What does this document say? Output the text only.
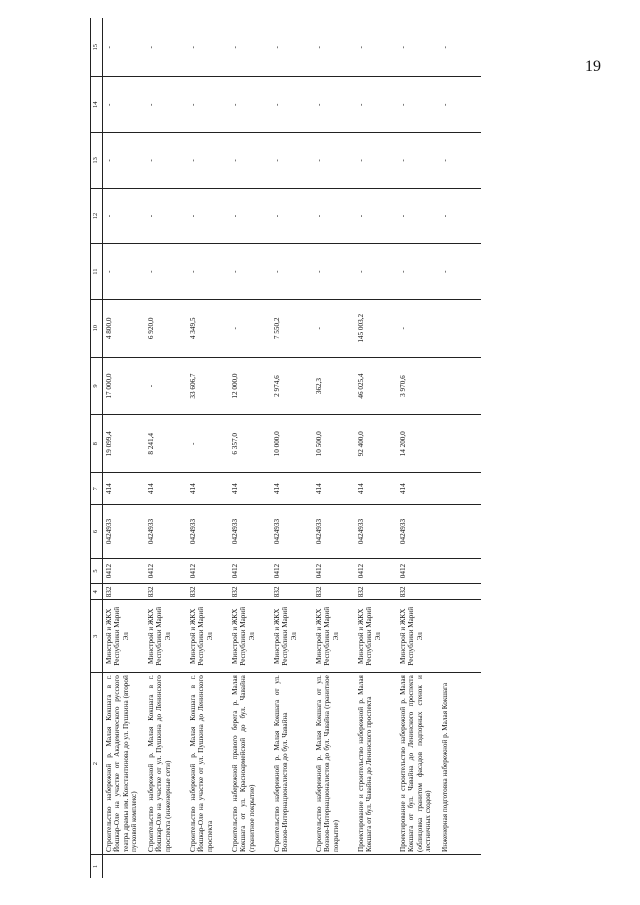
19
1	2	3	4	5	6	7	8	9	10	11	12	13	14	15
	Строительство набережной р. Малая Кокшага в г. Йошкар-Оле на участке от Академического русского театра драмы им. Константинова до ул. Пушкина (второй пусковой комплекс)	Минстрой и ЖКХ Республики Марий Эл	832	0412	0424933	414	19 099,4	17 000,0	4 800,0	-	-	-	-	-
	Строительство набережной р. Малая Кокшага в г. Йошкар-Оле на участке от ул. Пушкина до Ленинского проспекта (инженерные сети)	Минстрой и ЖКХ Республики Марий Эл	832	0412	0424933	414	8 241,4	-	6 920,0	-	-	-	-	-
	Строительство набережной р. Малая Кокшага в г. Йошкар-Оле на участке от ул. Пушкина до Ленинского проспекта	Минстрой и ЖКХ Республики Марий Эл	832	0412	0424933	414	-	33 606,7	4 349,5	-	-	-	-	-
	Строительство набережной правого берега р. Малая Кокшага от ул. Красноармейской до бул. Чавайна (гранитное покрытие)	Минстрой и ЖКХ Республики Марий Эл	832	0412	0424933	414	6 357,0	12 000,0	-	-	-	-	-	-
	Строительство набережной р. Малая Кокшага от ул. Вознов-Интернационалистов до бул. Чавайна	Минстрой и ЖКХ Республики Марий Эл	832	0412	0424933	414	10 000,0	2 974,6	7 550,2	-	-	-	-	-
	Строительство набережной р. Малая Кокшага от ул. Вознов-Интернационалистов до бул. Чавайна (гранитное покрытие)	Минстрой и ЖКХ Республики Марий Эл	832	0412	0424933	414	10 500,0	362,3	-	-	-	-	-	-
	Проектирование и строительство набережной р. Малая Кокшага от бул. Чавайна до Ленинского проспекта	Минстрой и ЖКХ Республики Марий Эл	832	0412	0424933	414	92 400,0	46 025,4	145 003,2	-	-	-	-	-
	Проектирование и строительство набережной р. Малая Кокшага от бул. Чавайна до Ленинского проспекта (облицовка гранитом фасадов подпорных стенок и лестничных сходов)	Минстрой и ЖКХ Республики Марий Эл	832	0412	0424933	414	14 200,0	3 970,6	-	-	-	-	-	-
	Инженерная подготовка набережной р. Малая Кокшага									-	-	-	-	-
